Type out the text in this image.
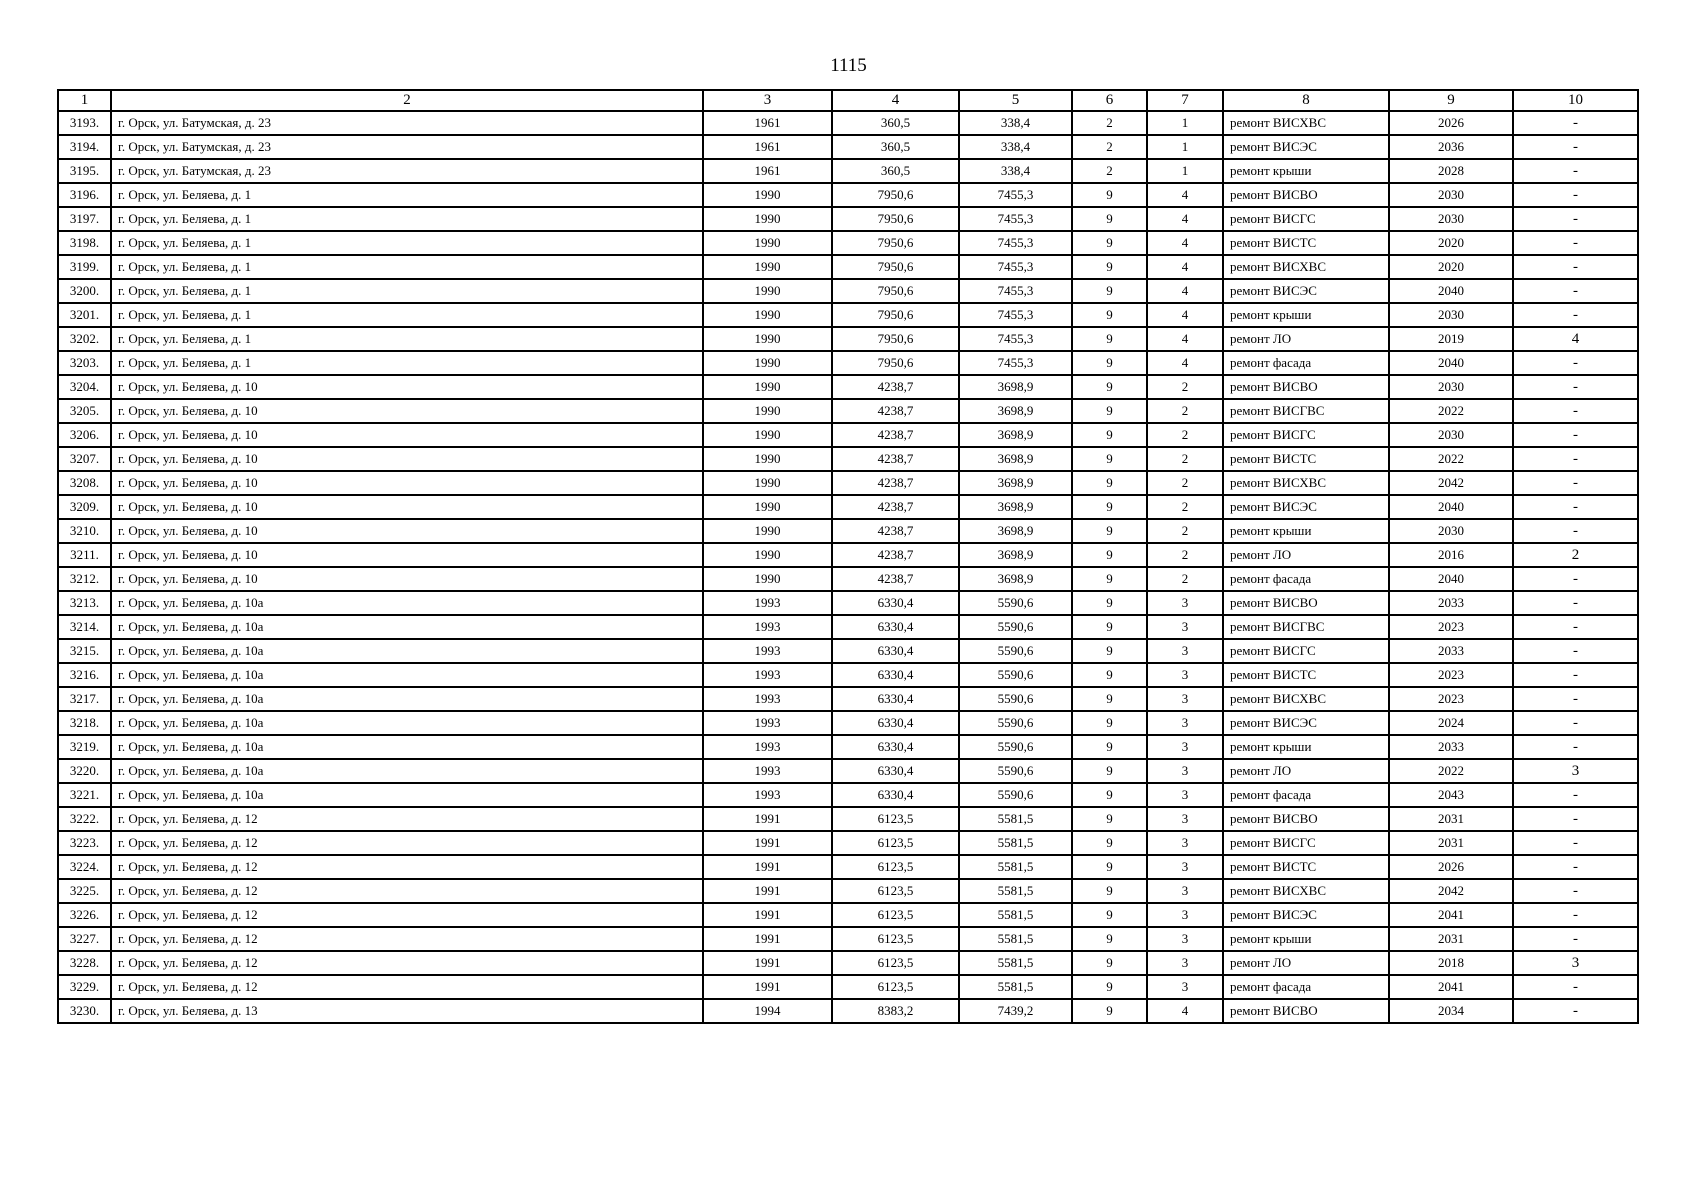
1115
1	2	3	4	5	6	7	8	9	10
3193.	г. Орск, ул. Батумская, д. 23	1961	360,5	338,4	2	1	ремонт ВИСХВС	2026	-
3194.	г. Орск, ул. Батумская, д. 23	1961	360,5	338,4	2	1	ремонт ВИСЭС	2036	-
3195.	г. Орск, ул. Батумская, д. 23	1961	360,5	338,4	2	1	ремонт крыши	2028	-
3196.	г. Орск, ул. Беляева, д. 1	1990	7950,6	7455,3	9	4	ремонт ВИСВО	2030	-
3197.	г. Орск, ул. Беляева, д. 1	1990	7950,6	7455,3	9	4	ремонт ВИСГС	2030	-
3198.	г. Орск, ул. Беляева, д. 1	1990	7950,6	7455,3	9	4	ремонт ВИСТС	2020	-
3199.	г. Орск, ул. Беляева, д. 1	1990	7950,6	7455,3	9	4	ремонт ВИСХВС	2020	-
3200.	г. Орск, ул. Беляева, д. 1	1990	7950,6	7455,3	9	4	ремонт ВИСЭС	2040	-
3201.	г. Орск, ул. Беляева, д. 1	1990	7950,6	7455,3	9	4	ремонт крыши	2030	-
3202.	г. Орск, ул. Беляева, д. 1	1990	7950,6	7455,3	9	4	ремонт ЛО	2019	4
3203.	г. Орск, ул. Беляева, д. 1	1990	7950,6	7455,3	9	4	ремонт фасада	2040	-
3204.	г. Орск, ул. Беляева, д. 10	1990	4238,7	3698,9	9	2	ремонт ВИСВО	2030	-
3205.	г. Орск, ул. Беляева, д. 10	1990	4238,7	3698,9	9	2	ремонт ВИСГВС	2022	-
3206.	г. Орск, ул. Беляева, д. 10	1990	4238,7	3698,9	9	2	ремонт ВИСГС	2030	-
3207.	г. Орск, ул. Беляева, д. 10	1990	4238,7	3698,9	9	2	ремонт ВИСТС	2022	-
3208.	г. Орск, ул. Беляева, д. 10	1990	4238,7	3698,9	9	2	ремонт ВИСХВС	2042	-
3209.	г. Орск, ул. Беляева, д. 10	1990	4238,7	3698,9	9	2	ремонт ВИСЭС	2040	-
3210.	г. Орск, ул. Беляева, д. 10	1990	4238,7	3698,9	9	2	ремонт крыши	2030	-
3211.	г. Орск, ул. Беляева, д. 10	1990	4238,7	3698,9	9	2	ремонт ЛО	2016	2
3212.	г. Орск, ул. Беляева, д. 10	1990	4238,7	3698,9	9	2	ремонт фасада	2040	-
3213.	г. Орск, ул. Беляева, д. 10а	1993	6330,4	5590,6	9	3	ремонт ВИСВО	2033	-
3214.	г. Орск, ул. Беляева, д. 10а	1993	6330,4	5590,6	9	3	ремонт ВИСГВС	2023	-
3215.	г. Орск, ул. Беляева, д. 10а	1993	6330,4	5590,6	9	3	ремонт ВИСГС	2033	-
3216.	г. Орск, ул. Беляева, д. 10а	1993	6330,4	5590,6	9	3	ремонт ВИСТС	2023	-
3217.	г. Орск, ул. Беляева, д. 10а	1993	6330,4	5590,6	9	3	ремонт ВИСХВС	2023	-
3218.	г. Орск, ул. Беляева, д. 10а	1993	6330,4	5590,6	9	3	ремонт ВИСЭС	2024	-
3219.	г. Орск, ул. Беляева, д. 10а	1993	6330,4	5590,6	9	3	ремонт крыши	2033	-
3220.	г. Орск, ул. Беляева, д. 10а	1993	6330,4	5590,6	9	3	ремонт ЛО	2022	3
3221.	г. Орск, ул. Беляева, д. 10а	1993	6330,4	5590,6	9	3	ремонт фасада	2043	-
3222.	г. Орск, ул. Беляева, д. 12	1991	6123,5	5581,5	9	3	ремонт ВИСВО	2031	-
3223.	г. Орск, ул. Беляева, д. 12	1991	6123,5	5581,5	9	3	ремонт ВИСГС	2031	-
3224.	г. Орск, ул. Беляева, д. 12	1991	6123,5	5581,5	9	3	ремонт ВИСТС	2026	-
3225.	г. Орск, ул. Беляева, д. 12	1991	6123,5	5581,5	9	3	ремонт ВИСХВС	2042	-
3226.	г. Орск, ул. Беляева, д. 12	1991	6123,5	5581,5	9	3	ремонт ВИСЭС	2041	-
3227.	г. Орск, ул. Беляева, д. 12	1991	6123,5	5581,5	9	3	ремонт крыши	2031	-
3228.	г. Орск, ул. Беляева, д. 12	1991	6123,5	5581,5	9	3	ремонт ЛО	2018	3
3229.	г. Орск, ул. Беляева, д. 12	1991	6123,5	5581,5	9	3	ремонт фасада	2041	-
3230.	г. Орск, ул. Беляева, д. 13	1994	8383,2	7439,2	9	4	ремонт ВИСВО	2034	-
